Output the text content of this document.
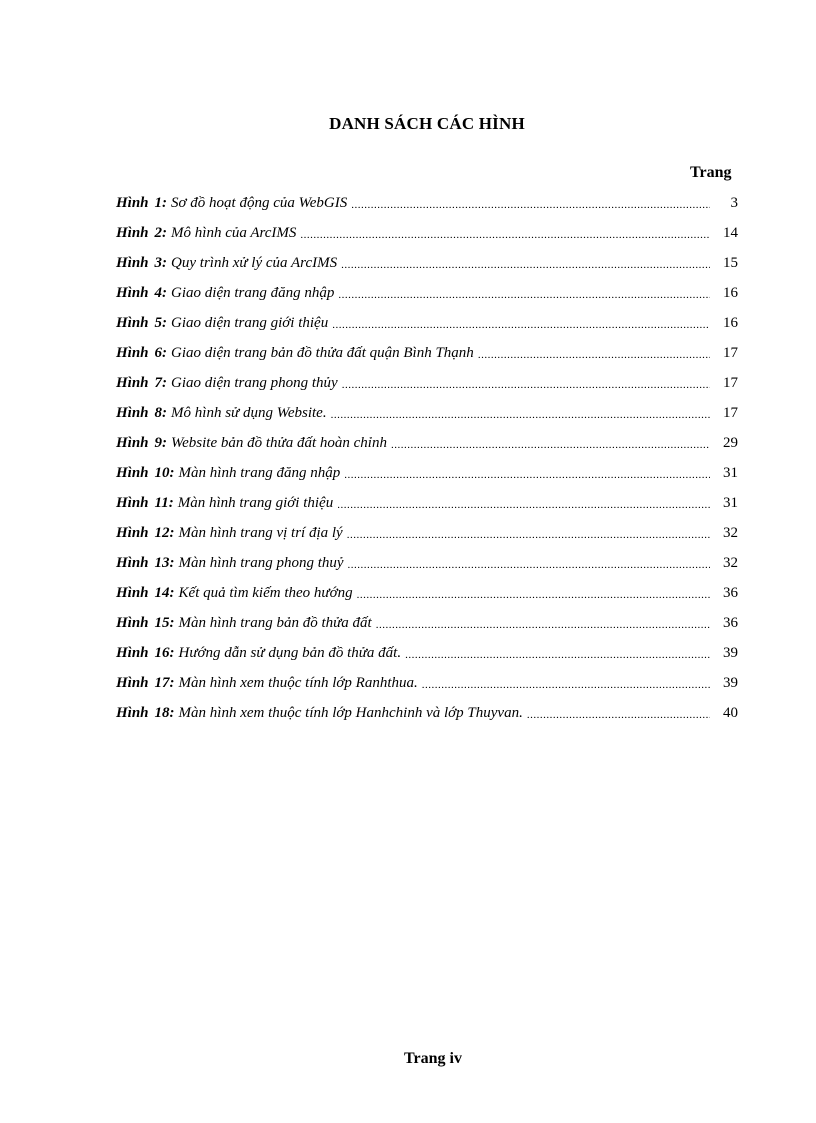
DANH SÁCH CÁC HÌNH
Trang
Hình 1: Sơ đồ hoạt động của WebGIS .....	3
Hình 2: Mô hình của ArcIMS .....	14
Hình 3: Quy trình xử lý của ArcIMS .....	15
Hình 4: Giao diện trang đăng nhập .....	16
Hình 5: Giao diện trang giới thiệu .....	16
Hình 6: Giao diện trang bản đồ thửa đất quận Bình Thạnh .....	17
Hình 7: Giao diện trang phong thủy .....	17
Hình 8: Mô hình sử dụng Website. .....	17
Hình 9: Website bản đồ thửa đất hoàn chỉnh .....	29
Hình 10: Màn hình trang đăng nhập .....	31
Hình 11: Màn hình trang giới thiệu .....	31
Hình 12: Màn hình trang vị trí địa lý .....	32
Hình 13: Màn hình trang phong thuỷ .....	32
Hình 14: Kết quả tìm kiếm theo hướng .....	36
Hình 15: Màn hình trang bản đồ thửa đất .....	36
Hình 16: Hướng dẫn sử dụng bản đồ thửa đất. .....	39
Hình 17: Màn hình xem thuộc tính lớp Ranhthua. .....	39
Hình 18: Màn hình xem thuộc tính lớp Hanhchinh và lớp Thuyvan. .....	40
Trang iv
